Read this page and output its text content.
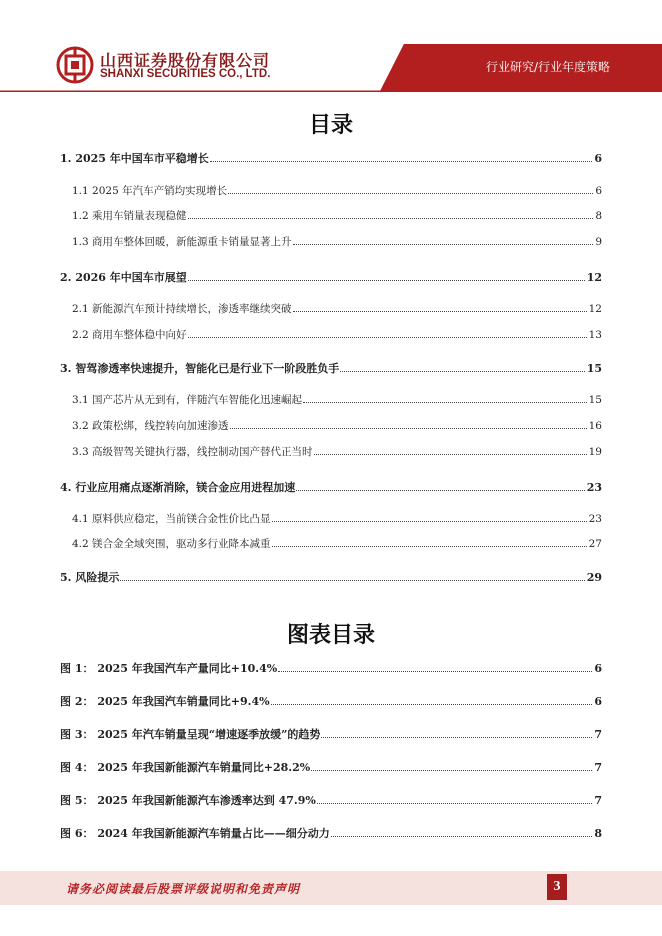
山西证券股份有限公司
SHANXI SECURITIES CO., LTD.	行业研究/行业年度策略
目录
1. 2025 年中国车市平稳增长	6
1.1 2025 年汽车产销均实现增长	6
1.2 乘用车销量表现稳健	8
1.3 商用车整体回暖，新能源重卡销量显著上升	9
2. 2026 年中国车市展望	12
2.1 新能源汽车预计持续增长，渗透率继续突破	12
2.2 商用车整体稳中向好	13
3. 智驾渗透率快速提升，智能化已是行业下一阶段胜负手	15
3.1 国产芯片从无到有，伴随汽车智能化迅速崛起	15
3.2 政策松绑，线控转向加速渗透	16
3.3 高级智驾关键执行器，线控制动国产替代正当时	19
4. 行业应用痛点逐渐消除，镁合金应用进程加速	23
4.1 原料供应稳定，当前镁合金性价比凸显	23
4.2 镁合金全域突围，驱动多行业降本减重	27
5. 风险提示	29
图表目录
图 1： 2025 年我国汽车产量同比+10.4%	6
图 2： 2025 年我国汽车销量同比+9.4%	6
图 3： 2025 年汽车销量呈现“增速逐季放缓”的趋势	7
图 4： 2025 年我国新能源汽车销量同比+28.2%	7
图 5： 2025 年我国新能源汽车渗透率达到 47.9%	7
图 6： 2024 年我国新能源汽车销量占比——细分动力	8
请务必阅读最后股票评级说明和免责声明	3
